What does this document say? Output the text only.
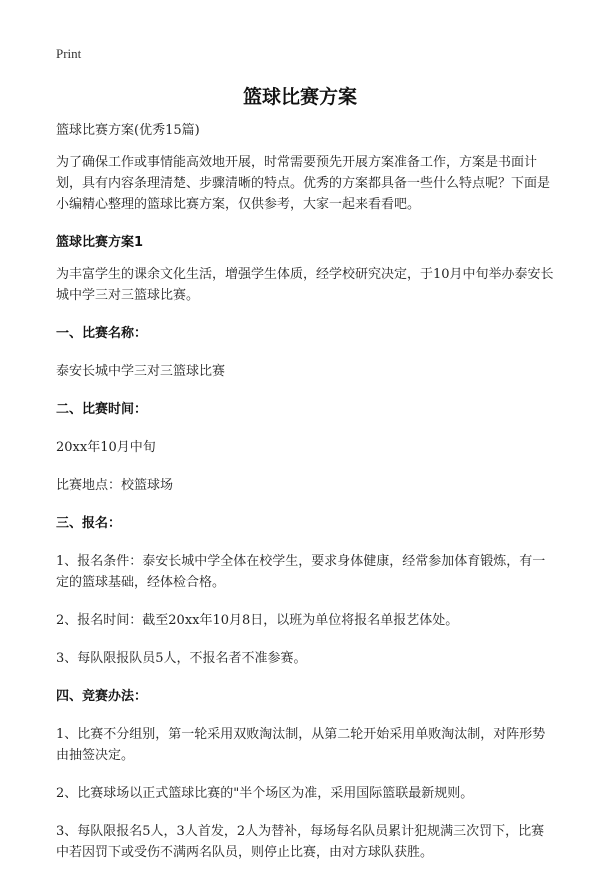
Print
篮球比赛方案

篮球比赛方案(优秀15篇)

为了确保工作或事情能高效地开展，时常需要预先开展方案准备工作，方案是书面计划，具有内容条理清楚、步骤清晰的特点。优秀的方案都具备一些什么特点呢？下面是小编精心整理的篮球比赛方案，仅供参考，大家一起来看看吧。

篮球比赛方案1

为丰富学生的课余文化生活，增强学生体质，经学校研究决定，于10月中旬举办泰安长城中学三对三篮球比赛。

一、比赛名称：

泰安长城中学三对三篮球比赛

二、比赛时间：

20xx年10月中旬

比赛地点：校篮球场

三、报名：

1、报名条件：泰安长城中学全体在校学生，要求身体健康，经常参加体育锻炼，有一定的篮球基础，经体检合格。

2、报名时间：截至20xx年10月8日，以班为单位将报名单报艺体处。

3、每队限报队员5人，不报名者不准参赛。

四、竞赛办法：

1、比赛不分组别，第一轮采用双败淘汰制，从第二轮开始采用单败淘汰制，对阵形势由抽签决定。

2、比赛球场以正式篮球比赛的"半个场区为准，采用国际篮联最新规则。

3、每队限报名5人，3人首发，2人为替补，每场每名队员累计犯规满三次罚下，比赛中若因罚下或受伤不满两名队员，则停止比赛，由对方球队获胜。
